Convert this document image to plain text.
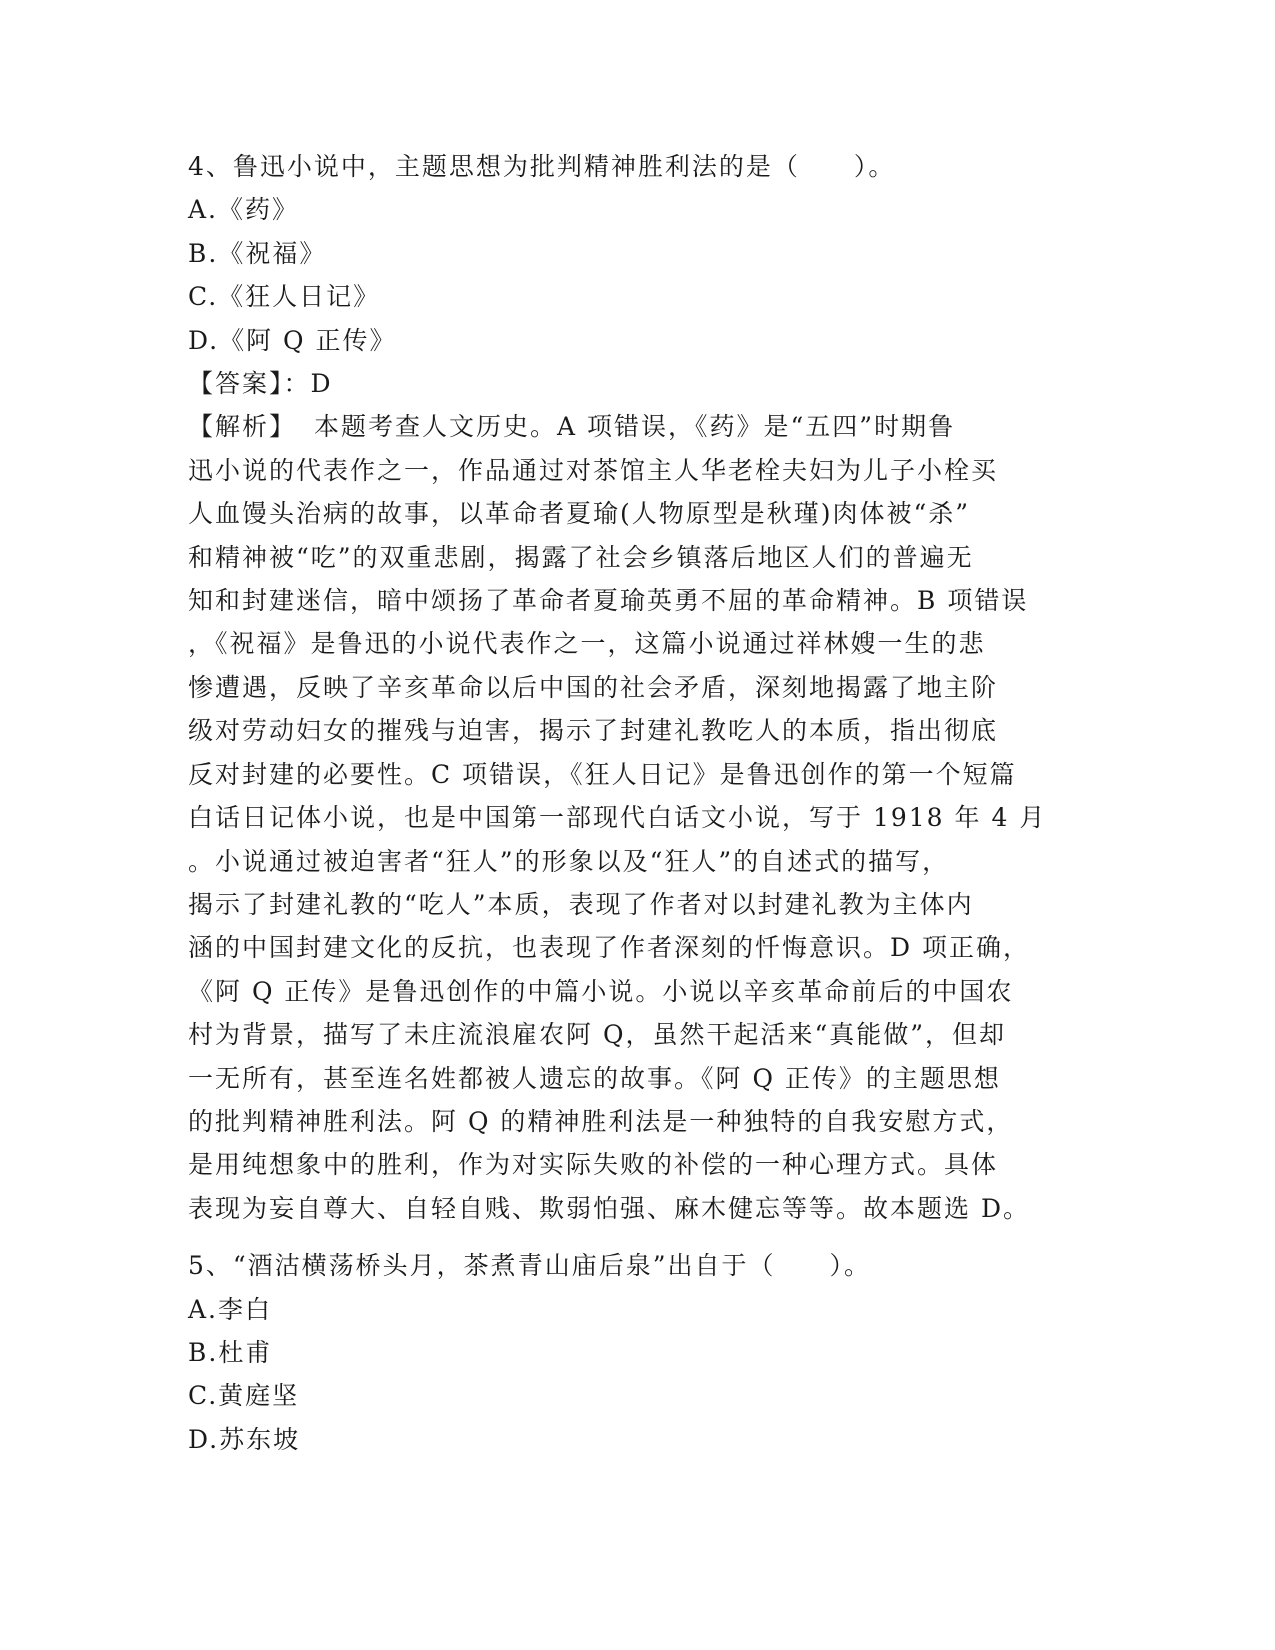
4、鲁迅小说中，主题思想为批判精神胜利法的是（　　）。

A.《药》

B.《祝福》

C.《狂人日记》

D.《阿 Q 正传》

【答案】：D

【解析】 本题考查人文历史。A 项错误，《药》是“五四”时期鲁
迅小说的代表作之一，作品通过对茶馆主人华老栓夫妇为儿子小栓买
人血馒头治病的故事，以革命者夏瑜(人物原型是秋瑾)肉体被“杀”
和精神被“吃”的双重悲剧，揭露了社会乡镇落后地区人们的普遍无
知和封建迷信，暗中颂扬了革命者夏瑜英勇不屈的革命精神。B 项错误
，《祝福》是鲁迅的小说代表作之一，这篇小说通过祥林嫂一生的悲
惨遭遇，反映了辛亥革命以后中国的社会矛盾，深刻地揭露了地主阶
级对劳动妇女的摧残与迫害，揭示了封建礼教吃人的本质，指出彻底
反对封建的必要性。C 项错误，《狂人日记》是鲁迅创作的第一个短篇
白话日记体小说，也是中国第一部现代白话文小说，写于 1918 年 4 月
。小说通过被迫害者“狂人”的形象以及“狂人”的自述式的描写，
揭示了封建礼教的“吃人”本质，表现了作者对以封建礼教为主体内
涵的中国封建文化的反抗，也表现了作者深刻的忏悔意识。D 项正确，
《阿 Q 正传》是鲁迅创作的中篇小说。小说以辛亥革命前后的中国农
村为背景，描写了未庄流浪雇农阿 Q，虽然干起活来“真能做”，但却
一无所有，甚至连名姓都被人遗忘的故事。《阿 Q 正传》的主题思想
的批判精神胜利法。阿 Q 的精神胜利法是一种独特的自我安慰方式，
是用纯想象中的胜利，作为对实际失败的补偿的一种心理方式。具体
表现为妄自尊大、自轻自贱、欺弱怕强、麻木健忘等等。故本题选 D。

5、“酒沽横荡桥头月，茶煮青山庙后泉”出自于（　　）。

A.李白

B.杜甫

C.黄庭坚

D.苏东坡
